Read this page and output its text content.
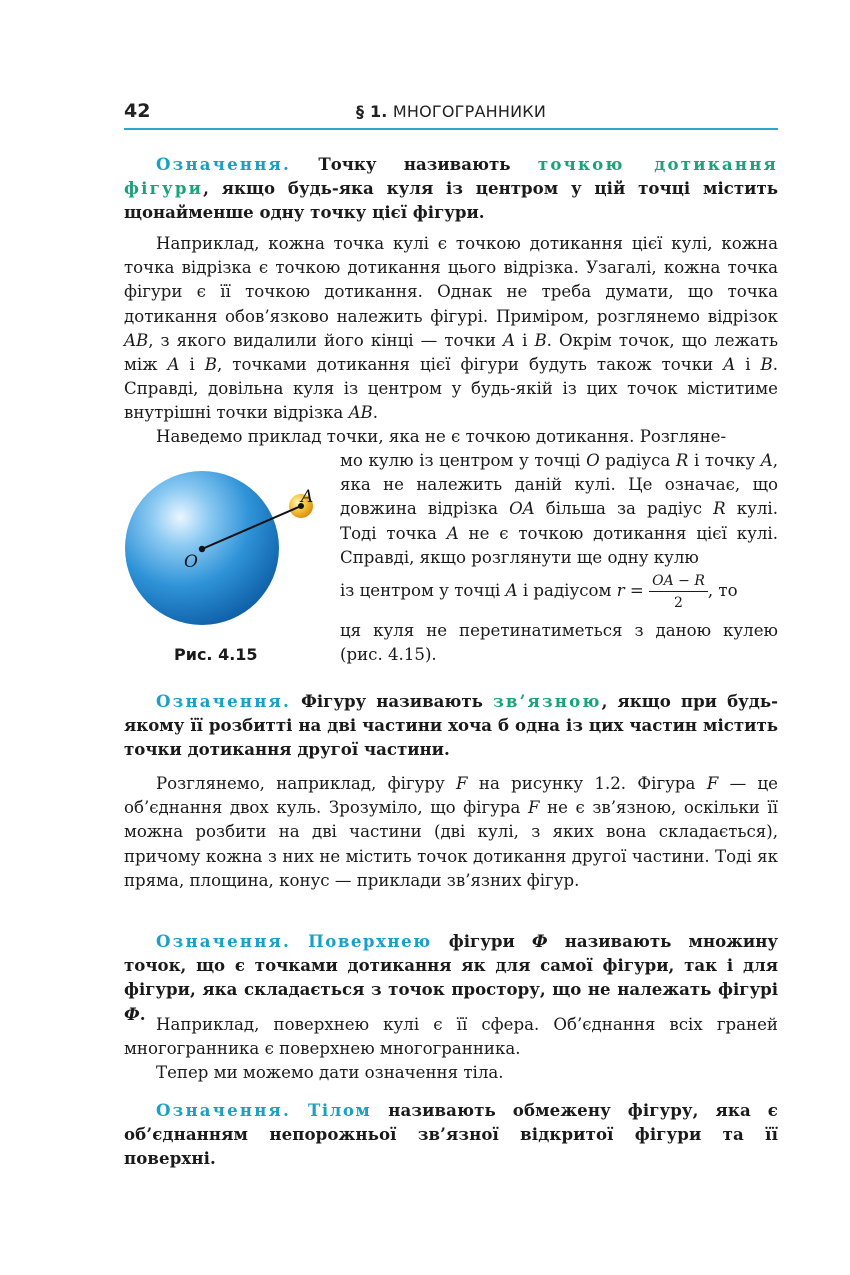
42	§ 1. МНОГОГРАННИКИ
Означення. Точку називають точкою дотикання фігури, якщо будь-яка куля із центром у цій точці містить щонайменше одну точку цієї фігури.
Наприклад, кожна точка кулі є точкою дотикання цієї кулі, кожна точка відрізка є точкою дотикання цього відрізка. Узагалі, кожна точка фігури є її точкою дотикання. Однак не треба думати, що точка дотикання обов’язково належить фігурі. Приміром, розглянемо відрізок AB, з якого видалили його кінці — точки A і B. Окрім точок, що лежать між A і B, точками дотикання цієї фігури будуть також точки A і B. Справді, довільна куля із центром у будь-якій із цих точок міститиме внутрішні точки відрізка AB.
Наведемо приклад точки, яка не є точкою дотикання. Розгляне-
мо кулю із центром у точці O радіуса R і точку A, яка не належить даній кулі. Це означає, що довжина відрізка OA більша за радіус R кулі. Тоді точка A не є точкою дотикання цієї кулі. Справді, якщо розглянути ще одну кулю
із центром у точці A і радіусом $r = \frac{OA - R}{2}$ , то
ця куля не перетинатиметься з даною кулею (рис. 4.15).
O
A
Рис. 4.15
Означення. Фігуру називають зв’язною, якщо при будь-якому її розбитті на дві частини хоча б одна із цих частин містить точки дотикання другої частини.
Розглянемо, наприклад, фігуру F на рисунку 1.2. Фігура F — це об’єднання двох куль. Зрозуміло, що фігура F не є зв’язною, оскільки її можна розбити на дві частини (дві кулі, з яких вона складається), причому кожна з них не містить точок дотикання другої частини. Тоді як пряма, площина, конус — приклади зв’язних фігур.
Означення. Поверхнею фігури Ф називають множину точок, що є точками дотикання як для самої фігури, так і для фігури, яка складається з точок простору, що не належать фігурі Ф.
Наприклад, поверхнею кулі є її сфера. Об’єднання всіх граней многогранника є поверхнею многогранника.
Тепер ми можемо дати означення тіла.
Означення. Тілом називають обмежену фігуру, яка є об’єднанням непорожньої зв’язної відкритої фігури та її поверхні.
